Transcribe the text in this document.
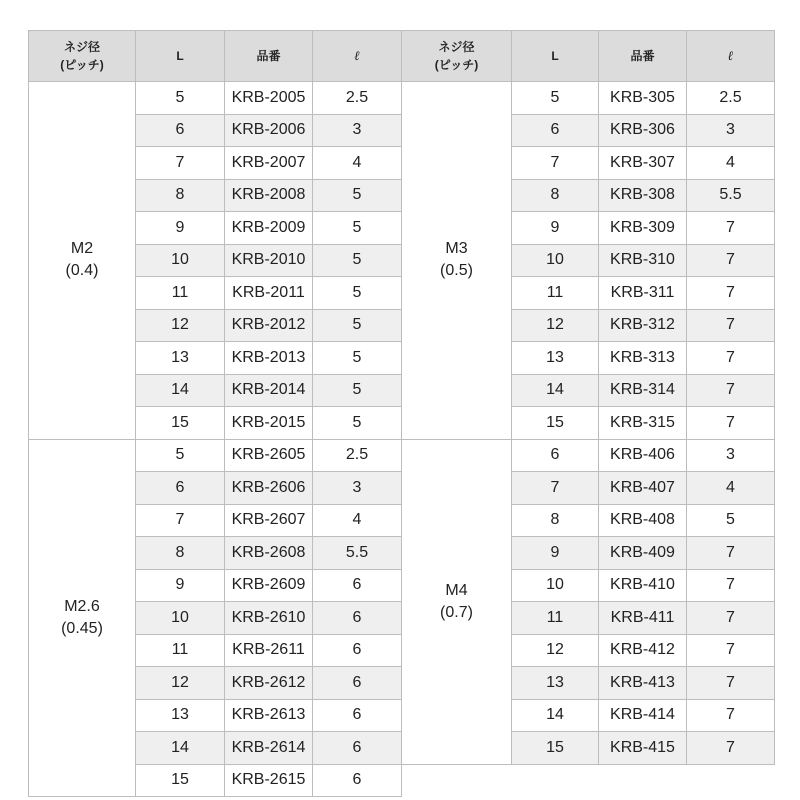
ネジ径
(ピッチ)	L	品番	ℓ

M2
(0.4)	5	KRB-2005	2.5
	6	KRB-2006	3
	7	KRB-2007	4
	8	KRB-2008	5
	9	KRB-2009	5
	10	KRB-2010	5
	11	KRB-2011	5
	12	KRB-2012	5
	13	KRB-2013	5
	14	KRB-2014	5
	15	KRB-2015	5

M2.6
(0.45)	5	KRB-2605	2.5
	6	KRB-2606	3
	7	KRB-2607	4
	8	KRB-2608	5.5
	9	KRB-2609	6
	10	KRB-2610	6
	11	KRB-2611	6
	12	KRB-2612	6
	13	KRB-2613	6
	14	KRB-2614	6
	15	KRB-2615	6
ネジ径
(ピッチ)	L	品番	ℓ

M3
(0.5)	5	KRB-305	2.5
	6	KRB-306	3
	7	KRB-307	4
	8	KRB-308	5.5
	9	KRB-309	7
	10	KRB-310	7
	11	KRB-311	7
	12	KRB-312	7
	13	KRB-313	7
	14	KRB-314	7
	15	KRB-315	7

M4
(0.7)	6	KRB-406	3
	7	KRB-407	4
	8	KRB-408	5
	9	KRB-409	7
	10	KRB-410	7
	11	KRB-411	7
	12	KRB-412	7
	13	KRB-413	7
	14	KRB-414	7
	15	KRB-415	7
